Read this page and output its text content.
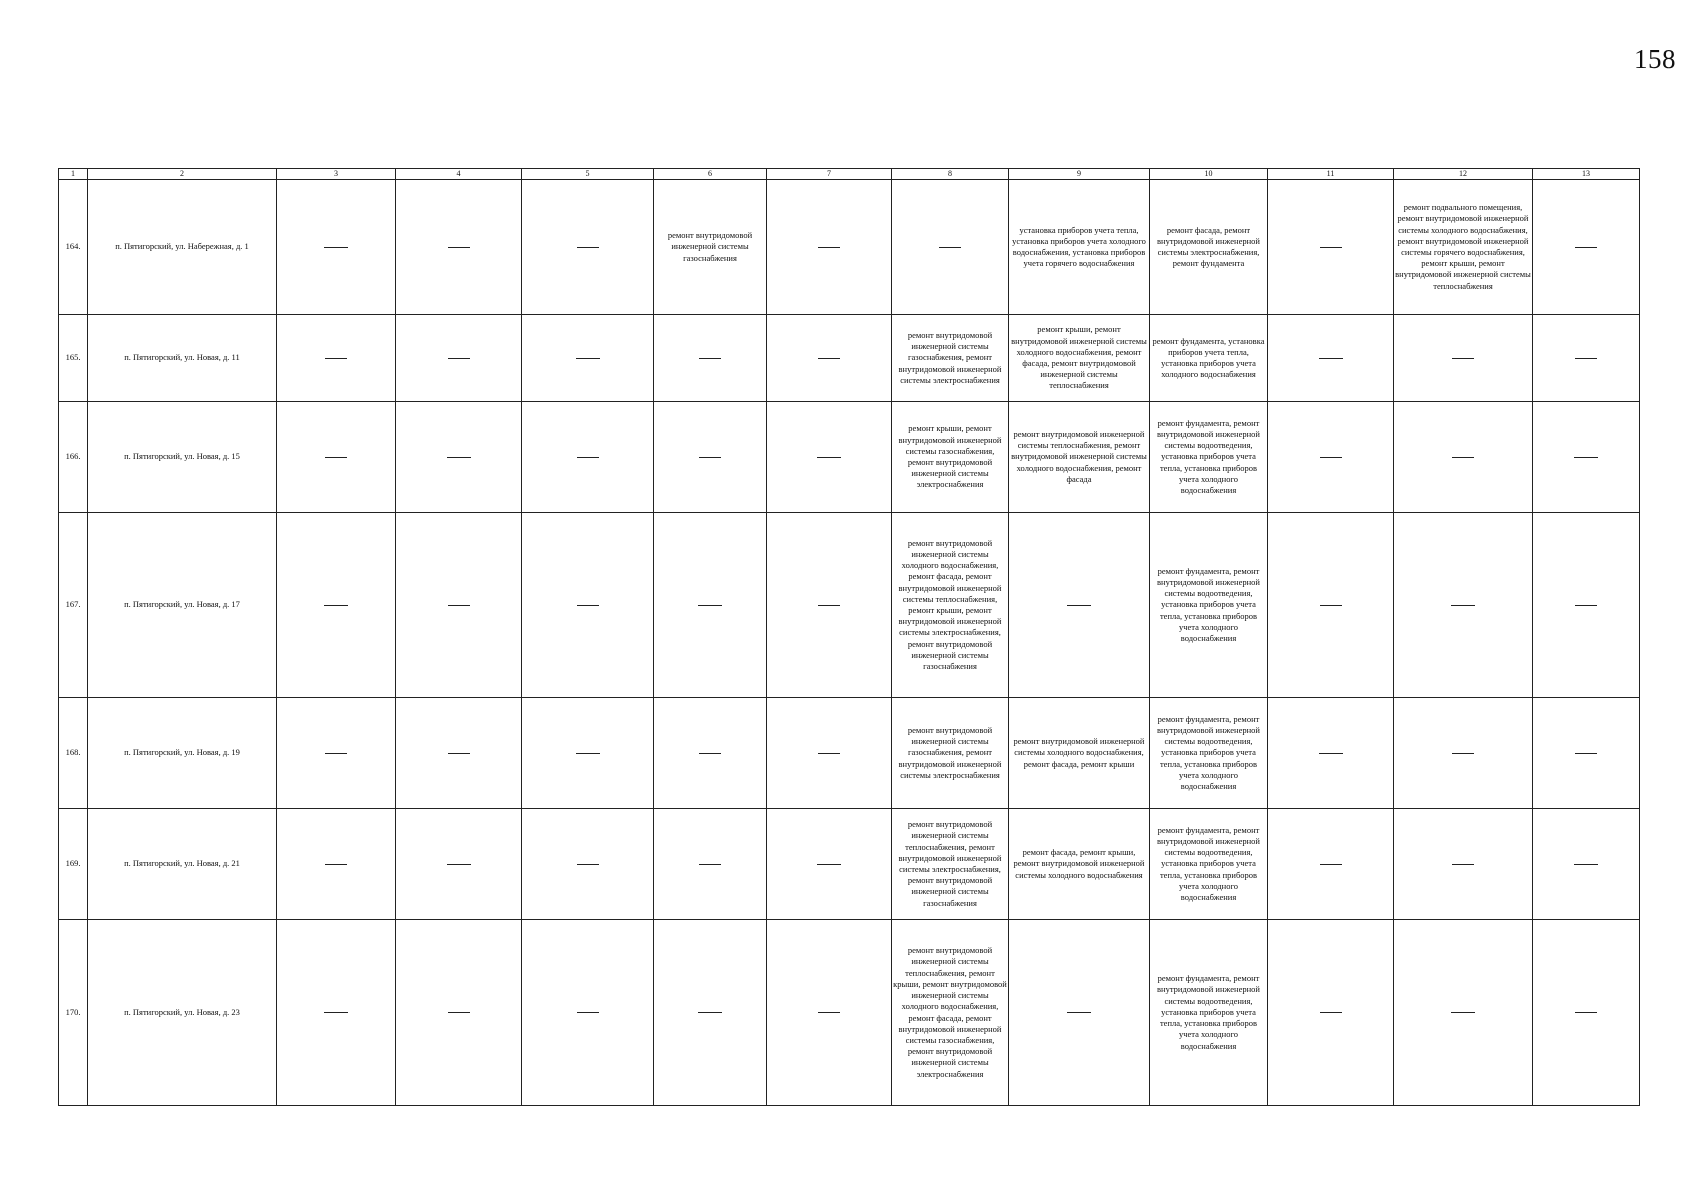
158
1	2	3	4	5	6	7	8	9	10	11	12	13
164.	п. Пятигорский, ул. Набережная, д. 1				ремонт внутридомовой инженерной системы газоснабжения			установка приборов учета тепла, установка приборов учета холодного водоснабжения, установка приборов учета горячего водоснабжения	ремонт фасада, ремонт внутридомовой инженерной системы электроснабжения, ремонт фундамента		ремонт подвального помещения, ремонт внутридомовой инженерной системы холодного водоснабжения, ремонт внутридомовой инженерной системы горячего водоснабжения, ремонт крыши, ремонт внутридомовой инженерной системы теплоснабжения	

165.	п. Пятигорский, ул. Новая, д. 11						ремонт внутридомовой инженерной системы газоснабжения, ремонт внутридомовой инженерной системы электроснабжения	ремонт крыши, ремонт внутридомовой инженерной системы холодного водоснабжения, ремонт фасада, ремонт внутридомовой инженерной системы теплоснабжения	ремонт фундамента, установка приборов учета тепла, установка приборов учета холодного водоснабжения			

166.	п. Пятигорский, ул. Новая, д. 15						ремонт крыши, ремонт внутридомовой инженерной системы газоснабжения, ремонт внутридомовой инженерной системы электроснабжения	ремонт внутридомовой инженерной системы теплоснабжения, ремонт внутридомовой инженерной системы холодного водоснабжения, ремонт фасада	ремонт фундамента, ремонт внутридомовой инженерной системы водоотведения, установка приборов учета тепла, установка приборов учета холодного водоснабжения			

167.	п. Пятигорский, ул. Новая, д. 17						ремонт внутридомовой инженерной системы холодного водоснабжения, ремонт фасада, ремонт внутридомовой инженерной системы теплоснабжения, ремонт крыши, ремонт внутридомовой инженерной системы электроснабжения, ремонт внутридомовой инженерной системы газоснабжения		ремонт фундамента, ремонт внутридомовой инженерной системы водоотведения, установка приборов учета тепла, установка приборов учета холодного водоснабжения			

168.	п. Пятигорский, ул. Новая, д. 19						ремонт внутридомовой инженерной системы газоснабжения, ремонт внутридомовой инженерной системы электроснабжения	ремонт внутридомовой инженерной системы холодного водоснабжения, ремонт фасада, ремонт крыши	ремонт фундамента, ремонт внутридомовой инженерной системы водоотведения, установка приборов учета тепла, установка приборов учета холодного водоснабжения			

169.	п. Пятигорский, ул. Новая, д. 21						ремонт внутридомовой инженерной системы теплоснабжения, ремонт внутридомовой инженерной системы электроснабжения, ремонт внутридомовой инженерной системы газоснабжения	ремонт фасада, ремонт крыши, ремонт внутридомовой инженерной системы холодного водоснабжения	ремонт фундамента, ремонт внутридомовой инженерной системы водоотведения, установка приборов учета тепла, установка приборов учета холодного водоснабжения			

170.	п. Пятигорский, ул. Новая, д. 23						ремонт внутридомовой инженерной системы теплоснабжения, ремонт крыши, ремонт внутридомовой инженерной системы холодного водоснабжения, ремонт фасада, ремонт внутридомовой инженерной системы газоснабжения, ремонт внутридомовой инженерной системы электроснабжения		ремонт фундамента, ремонт внутридомовой инженерной системы водоотведения, установка приборов учета тепла, установка приборов учета холодного водоснабжения			
